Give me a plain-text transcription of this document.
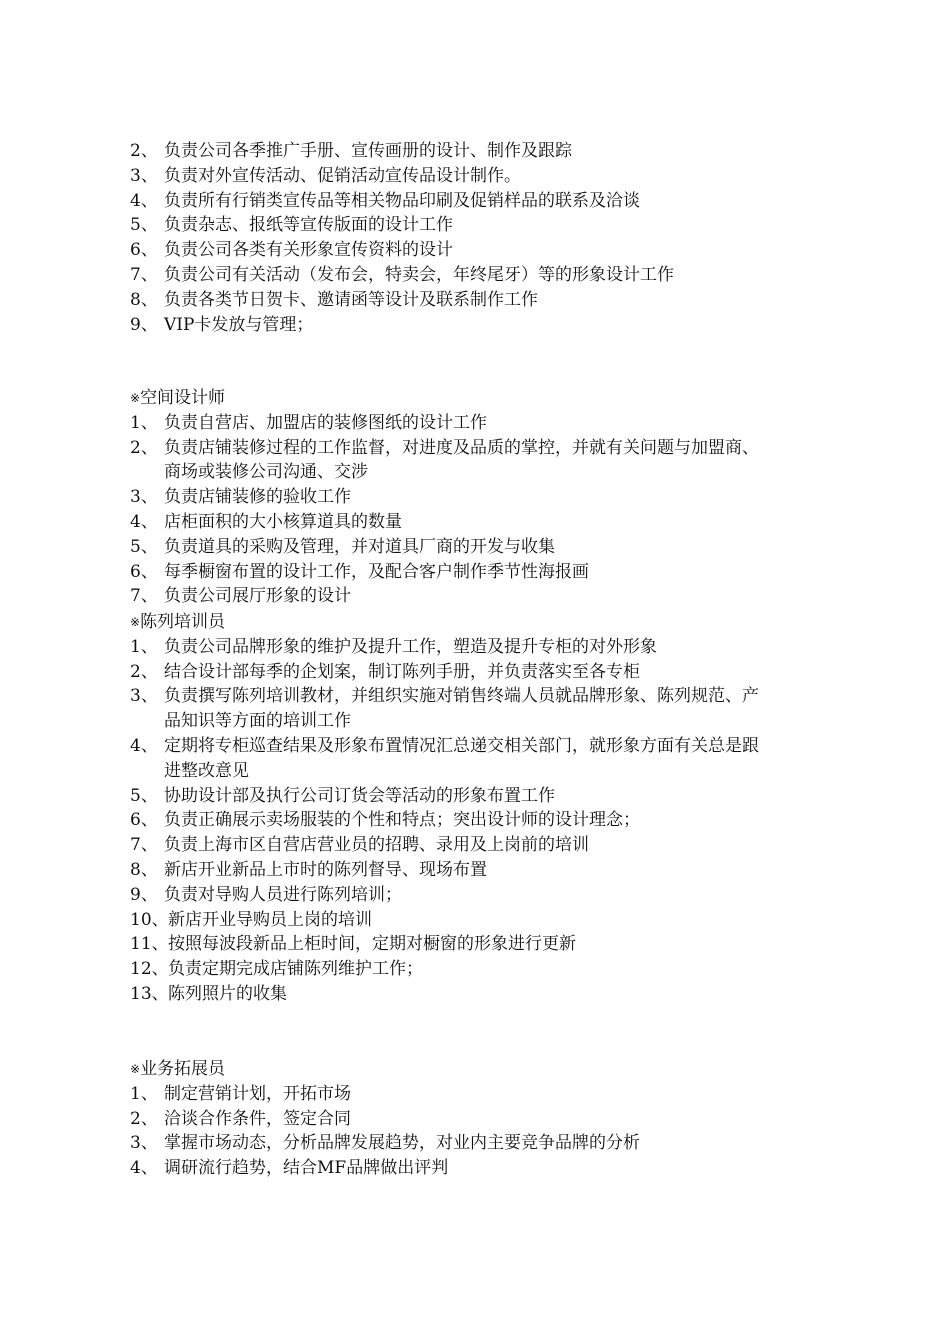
2、 负责公司各季推广手册、宣传画册的设计、制作及跟踪
3、 负责对外宣传活动、促销活动宣传品设计制作。
4、 负责所有行销类宣传品等相关物品印刷及促销样品的联系及洽谈
5、 负责杂志、报纸等宣传版面的设计工作
6、 负责公司各类有关形象宣传资料的设计
7、 负责公司有关活动（发布会，特卖会，年终尾牙）等的形象设计工作
8、 负责各类节日贺卡、邀请函等设计及联系制作工作
9、 VIP卡发放与管理；
※空间设计师
1、 负责自营店、加盟店的装修图纸的设计工作
2、 负责店铺装修过程的工作监督，对进度及品质的掌控，并就有关问题与加盟商、
商场或装修公司沟通、交涉
3、 负责店铺装修的验收工作
4、 店柜面积的大小核算道具的数量
5、 负责道具的采购及管理，并对道具厂商的开发与收集
6、 每季橱窗布置的设计工作，及配合客户制作季节性海报画
7、 负责公司展厅形象的设计
※陈列培训员
1、 负责公司品牌形象的维护及提升工作，塑造及提升专柜的对外形象
2、 结合设计部每季的企划案，制订陈列手册，并负责落实至各专柜
3、 负责撰写陈列培训教材，并组织实施对销售终端人员就品牌形象、陈列规范、产
品知识等方面的培训工作
4、 定期将专柜巡查结果及形象布置情况汇总递交相关部门，就形象方面有关总是跟
进整改意见
5、 协助设计部及执行公司订货会等活动的形象布置工作
6、 负责正确展示卖场服装的个性和特点；突出设计师的设计理念；
7、 负责上海市区自营店营业员的招聘、录用及上岗前的培训
8、 新店开业新品上市时的陈列督导、现场布置
9、 负责对导购人员进行陈列培训；
10、新店开业导购员上岗的培训
11、按照每波段新品上柜时间，定期对橱窗的形象进行更新
12、负责定期完成店铺陈列维护工作；
13、陈列照片的收集
※业务拓展员
1、 制定营销计划，开拓市场
2、 洽谈合作条件，签定合同
3、 掌握市场动态，分析品牌发展趋势，对业内主要竞争品牌的分析
4、 调研流行趋势，结合MF品牌做出评判
